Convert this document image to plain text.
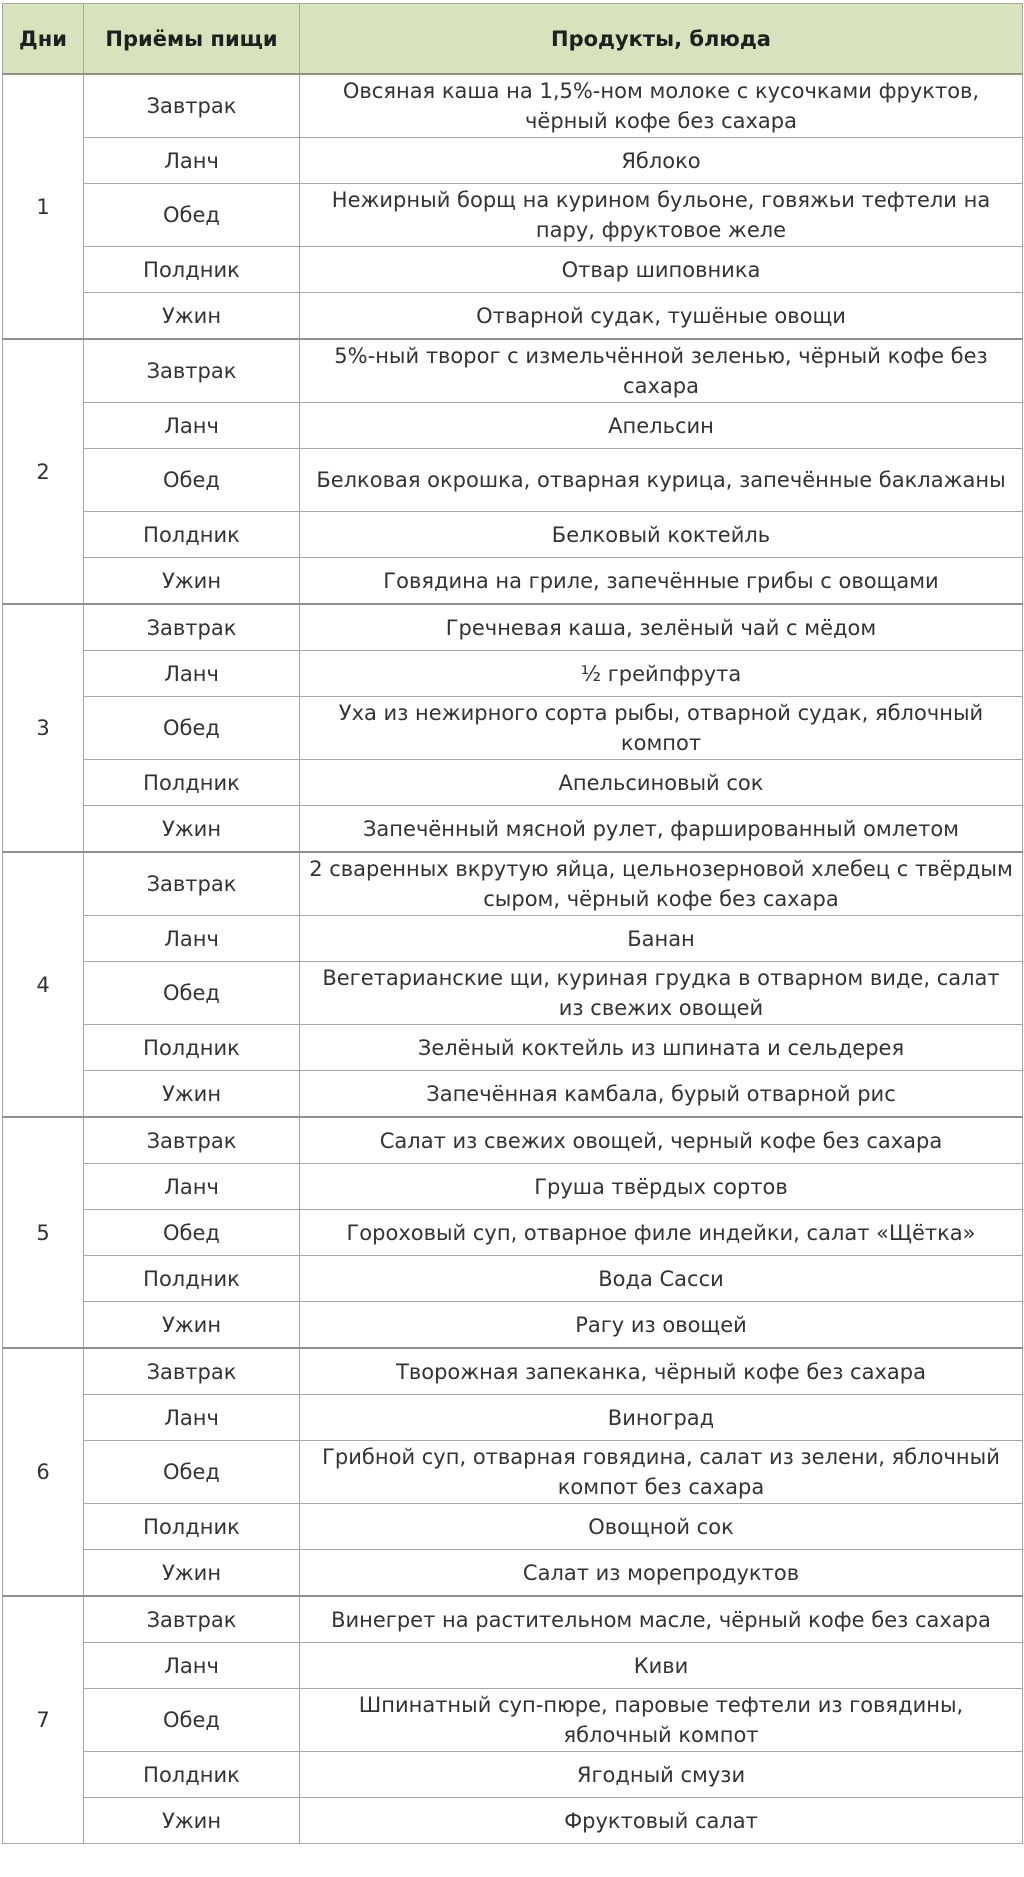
Дни	Приёмы пищи	Продукты, блюда
1	Завтрак	Овсяная каша на 1,5%-ном молоке с кусочками фруктов, чёрный кофе без сахара
	Ланч	Яблоко
	Обед	Нежирный борщ на курином бульоне, говяжьи тефтели на пару, фруктовое желе
	Полдник	Отвар шиповника
	Ужин	Отварной судак, тушёные овощи
2	Завтрак	5%-ный творог с измельчённой зеленью, чёрный кофе без сахара
	Ланч	Апельсин
	Обед	Белковая окрошка, отварная курица, запечённые баклажаны
	Полдник	Белковый коктейль
	Ужин	Говядина на гриле, запечённые грибы с овощами
3	Завтрак	Гречневая каша, зелёный чай с мёдом
	Ланч	½ грейпфрута
	Обед	Уха из нежирного сорта рыбы, отварной судак, яблочный компот
	Полдник	Апельсиновый сок
	Ужин	Запечённый мясной рулет, фаршированный омлетом
4	Завтрак	2 сваренных вкрутую яйца, цельнозерновой хлебец с твёрдым сыром, чёрный кофе без сахара
	Ланч	Банан
	Обед	Вегетарианские щи, куриная грудка в отварном виде, салат из свежих овощей
	Полдник	Зелёный коктейль из шпината и сельдерея
	Ужин	Запечённая камбала, бурый отварной рис
5	Завтрак	Салат из свежих овощей, черный кофе без сахара
	Ланч	Груша твёрдых сортов
	Обед	Гороховый суп, отварное филе индейки, салат «Щётка»
	Полдник	Вода Сасси
	Ужин	Рагу из овощей
6	Завтрак	Творожная запеканка, чёрный кофе без сахара
	Ланч	Виноград
	Обед	Грибной суп, отварная говядина, салат из зелени, яблочный компот без сахара
	Полдник	Овощной сок
	Ужин	Салат из морепродуктов
7	Завтрак	Винегрет на растительном масле, чёрный кофе без сахара
	Ланч	Киви
	Обед	Шпинатный суп-пюре, паровые тефтели из говядины, яблочный компот
	Полдник	Ягодный смузи
	Ужин	Фруктовый салат
